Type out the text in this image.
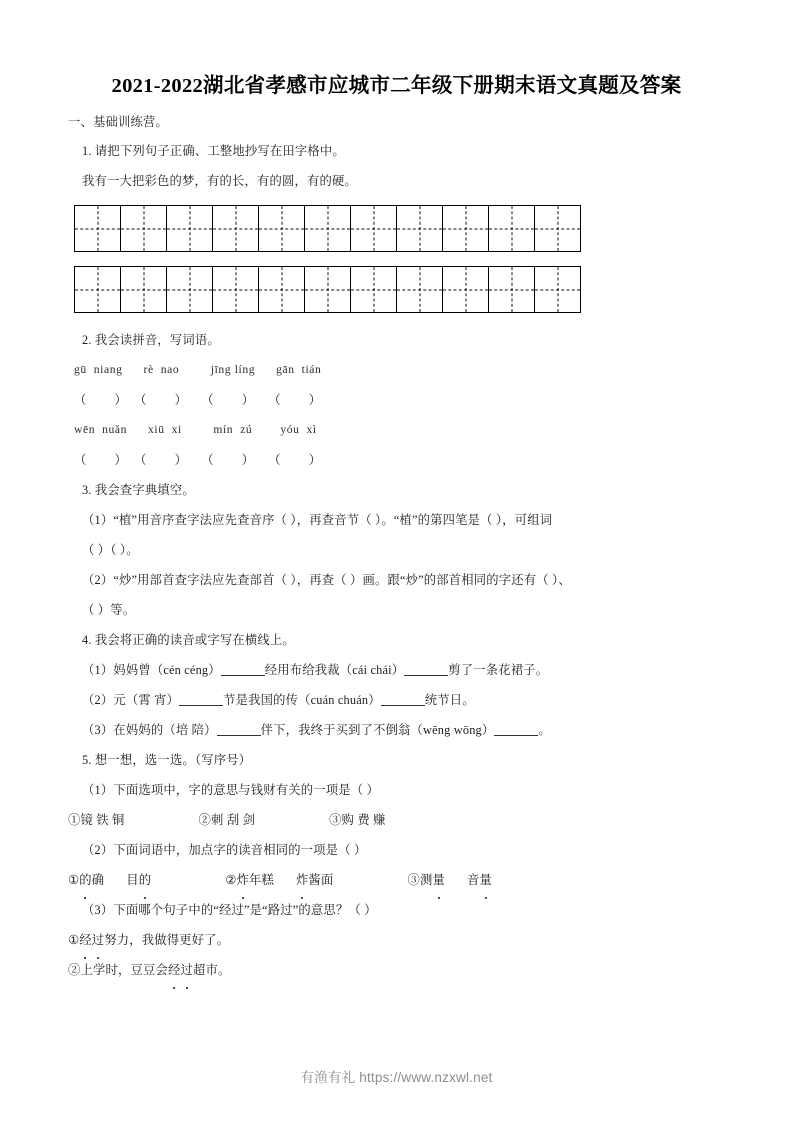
2021-2022湖北省孝感市应城市二年级下册期末语文真题及答案
一、基础训练营。
1. 请把下列句子正确、工整地抄写在田字格中。
我有一大把彩色的梦，有的长，有的圆，有的硬。

2. 我会读拼音，写词语。
gū  niang      rè  nao         jīng líng      gān  tián
（        ）  （        ）    （        ）    （        ）
wēn  nuǎn      xiū  xi         mín  zú        yóu  xì
（        ）  （        ）    （        ）    （        ）
3. 我会查字典填空。
（1）“植”用音序查字法应先查音序（ ），再查音节（ ）。“植”的第四笔是（ ），可组词
（ ）（ ）。
（2）“炒”用部首查字法应先查部首（ ），再查（ ）画。跟“炒”的部首相同的字还有（ ）、
（ ）等。
4. 我会将正确的读音或字写在横线上。
（1）妈妈曾（cén céng）	经用布给我裁（cái chái）	剪了一条花裙子。
（2）元（霄 宵）	节是我国的传（cuán chuán）	统节日。
（3）在妈妈的（培 陪）	伴下，我终于买到了不倒翁（wēng wōng）	。
5. 想一想，选一选。（写序号）
（1）下面选项中，字的意思与钱财有关的一项是（ ）
①镜 铁 铜	②刺 刮 剑	③购 费 赚
（2）下面词语中，加点字的读音相同的一项是（ ）
①的确 目的	②炸年糕 炸酱面	③测量 音量
（3）下面哪个句子中的“经过”是“路过”的意思？（ ）
①经过努力，我做得更好了。
②上学时，豆豆会经过超市。
有渔有礼 https://www.nzxwl.net
